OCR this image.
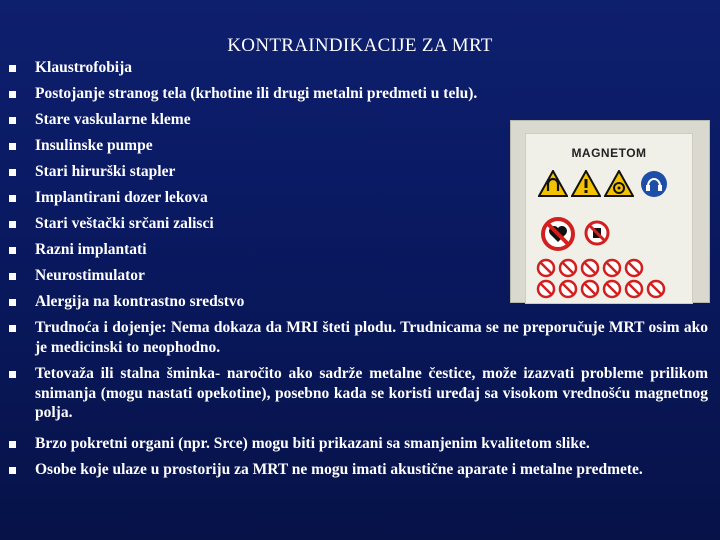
KONTRAINDIKACIJE ZA MRT
Klaustrofobija
Postojanje stranog tela (krhotine ili drugi metalni predmeti u telu).
Stare vaskularne kleme
Insulinske pumpe
Stari hirurški stapler
Implantirani dozer lekova
Stari veštački srčani zalisci
Razni implantati
Neurostimulator
Alergija na kontrastno sredstvo
Trudnoća i dojenje: Nema dokaza da MRI šteti plodu. Trudnicama se ne preporučuje MRT osim ako je medicinski to neophodno.
Tetovaža ili stalna šminka- naročito ako sadrže metalne čestice, može izazvati probleme prilikom snimanja (mogu nastati opekotine), posebno kada se koristi uređaj sa visokom vrednošću magnetnog polja.
Brzo pokretni organi (npr. Srce) mogu biti prikazani sa smanjenim kvalitetom slike.
Osobe koje ulaze u prostoriju za MRT ne mogu imati akustične aparate i metalne predmete.
MAGNETOM
